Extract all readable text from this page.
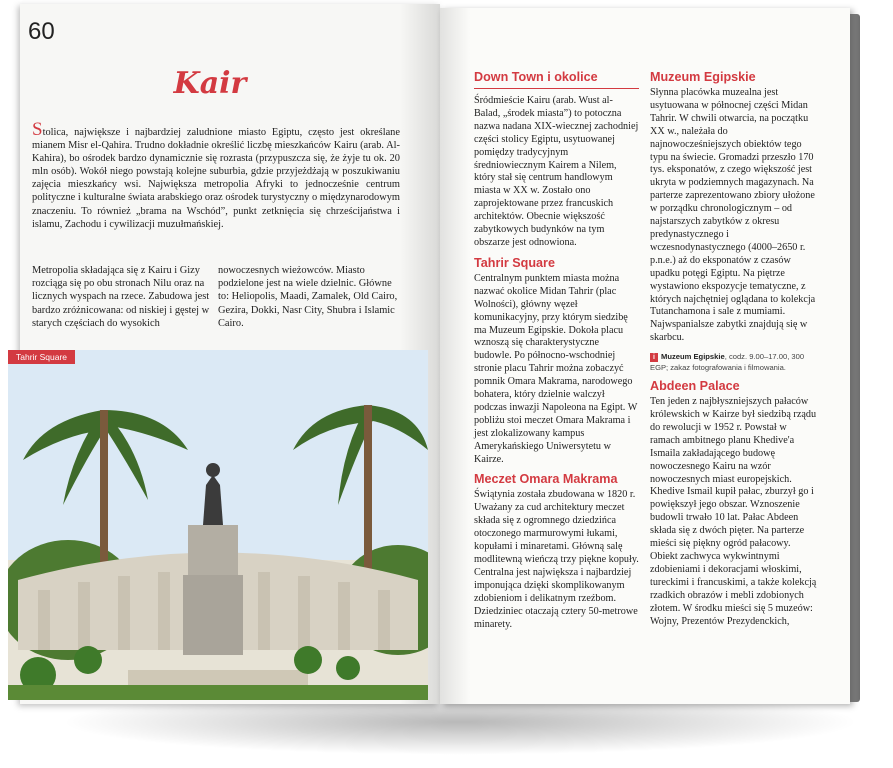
60
Kair

Stolica, największe i najbardziej zaludnione miasto Egiptu, często jest określane mianem Misr el-Qahira. Trudno dokładnie określić liczbę mieszkańców Kairu (arab. Al-Kahira), bo ośrodek bardzo dynamicznie się rozrasta (przypuszcza się, że żyje tu ok. 20 mln osób). Wokół niego powstają kolejne suburbia, gdzie przyjeżdżają w poszukiwaniu zajęcia mieszkańcy wsi. Największa metropolia Afryki to jednocześnie centrum polityczne i kulturalne świata arabskiego oraz ośrodek turystyczny o międzynarodowym znaczeniu. To również „brama na Wschód”, punkt zetknięcia się chrześcijaństwa i islamu, Zachodu i cywilizacji muzułmańskiej.

Metropolia składająca się z Kairu i Gizy rozciąga się po obu stronach Nilu oraz na licznych wyspach na rzece. Zabudowa jest bardzo zróżnicowana: od niskiej i gęstej w starych częściach do wysokich

nowoczesnych wieżowców. Miasto podzielone jest na wiele dzielnic. Główne to: Heliopolis, Maadi, Zamalek, Old Cairo, Gezira, Dokki, Nasr City, Shubra i Islamic Cairo.

Tahrir Square
Down Town i okolice

Śródmieście Kairu (arab. Wust al-Balad, „środek miasta”) to potoczna nazwa nadana XIX-wiecznej zachodniej części stolicy Egiptu, usytuowanej pomiędzy tradycyjnym średniowiecznym Kairem a Nilem, który stał się centrum handlowym miasta w XX w. Zostało ono zaprojektowane przez francuskich architektów. Obecnie większość zabytkowych budynków na tym obszarze jest odnowiona.

Tahrir Square

Centralnym punktem miasta można nazwać okolice Midan Tahrir (plac Wolności), główny węzeł komunikacyjny, przy którym siedzibę ma Muzeum Egipskie. Dokoła placu wznoszą się charakterystyczne budowle. Po północno-wschodniej stronie placu Tahrir można zobaczyć pomnik Omara Makrama, narodowego bohatera, który dzielnie walczył podczas inwazji Napoleona na Egipt. W pobliżu stoi meczet Omara Makrama i jest zlokalizowany kampus Amerykańskiego Uniwersytetu w Kairze.

Meczet Omara Makrama

Świątynia została zbudowana w 1820 r. Uważany za cud architektury meczet składa się z ogromnego dziedzińca otoczonego marmurowymi łukami, kopułami i minaretami. Główną salę modlitewną wieńczą trzy piękne kopuły. Centralna jest największa i najbardziej imponująca dzięki skomplikowanym zdobieniom i delikatnym rzeźbom. Dziedziniec otaczają cztery 50-metrowe minarety.

Muzeum Egipskie

Słynna placówka muzealna jest usytuowana w północnej części Midan Tahrir. W chwili otwarcia, na początku XX w., należała do najnowocześniejszych obiektów tego typu na świecie. Gromadzi przeszło 170 tys. eksponatów, z czego większość jest ukryta w podziemnych magazynach. Na parterze zaprezentowano zbiory ułożone w porządku chronologicznym – od najstarszych zabytków z okresu predynastycznego i wczesnodynastycznego (4000–2650 r. p.n.e.) aż do eksponatów z czasów upadku potęgi Egiptu. Na piętrze wystawiono ekspozycje tematyczne, z których najchętniej oglądana to kolekcja Tutanchamona i sale z mumiami. Najwspanialsze zabytki znajdują się w skarbcu.

i Muzeum Egipskie, codz. 9.00–17.00, 300 EGP; zakaz fotografowania i filmowania.

Abdeen Palace

Ten jeden z najbłyszniejszych pałaców królewskich w Kairze był siedzibą rządu do rewolucji w 1952 r. Powstał w ramach ambitnego planu Khedive'a Ismaila zakładającego budowę nowoczesnego Kairu na wzór nowoczesnych miast europejskich. Khedive Ismail kupił pałac, zburzył go i powiększył jego obszar. Wznoszenie budowli trwało 10 lat. Pałac Abdeen składa się z dwóch pięter. Na parterze mieści się piękny ogród pałacowy. Obiekt zachwyca wykwintnymi zdobieniami i dekoracjami włoskimi, tureckimi i francuskimi, a także kolekcją rzadkich obrazów i mebli zdobionych złotem. W środku mieści się 5 muzeów: Wojny, Prezentów Prezydenckich,
